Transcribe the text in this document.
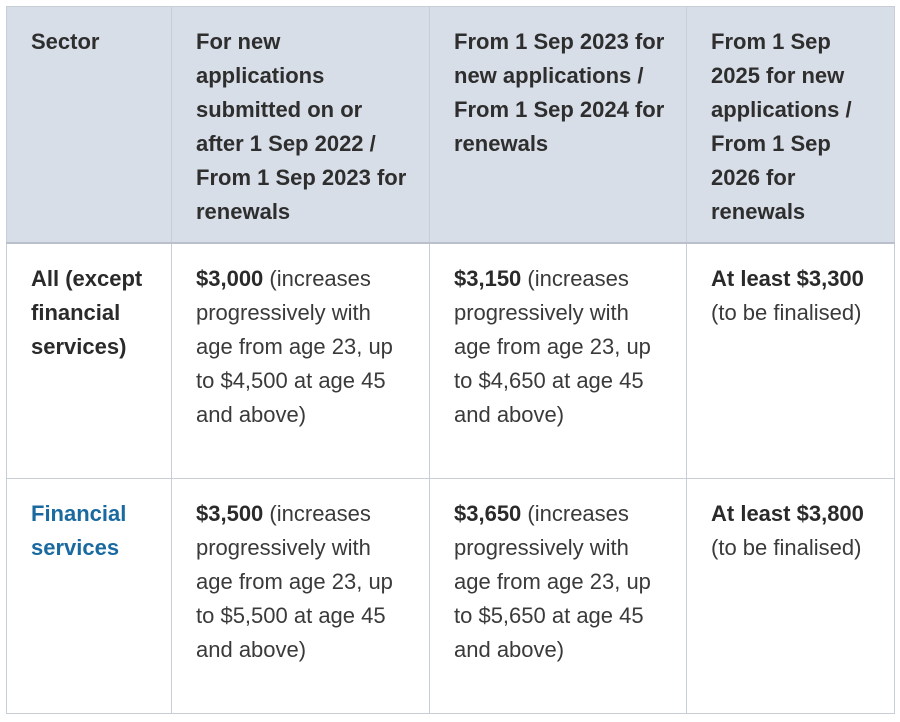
Sector	For new applications submitted on or after 1 Sep 2022 / From 1 Sep 2023 for renewals	From 1 Sep 2023 for new applications / From 1 Sep 2024 for renewals	From 1 Sep 2025 for new applications / From 1 Sep 2026 for renewals
All (except financial services)	$3,000 (increases progressively with age from age 23, up to $4,500 at age 45 and above)	$3,150 (increases progressively with age from age 23, up to $4,650 at age 45 and above)	At least $3,300 (to be finalised)
Financial services	$3,500 (increases progressively with age from age 23, up to $5,500 at age 45 and above)	$3,650 (increases progressively with age from age 23, up to $5,650 at age 45 and above)	At least $3,800 (to be finalised)
